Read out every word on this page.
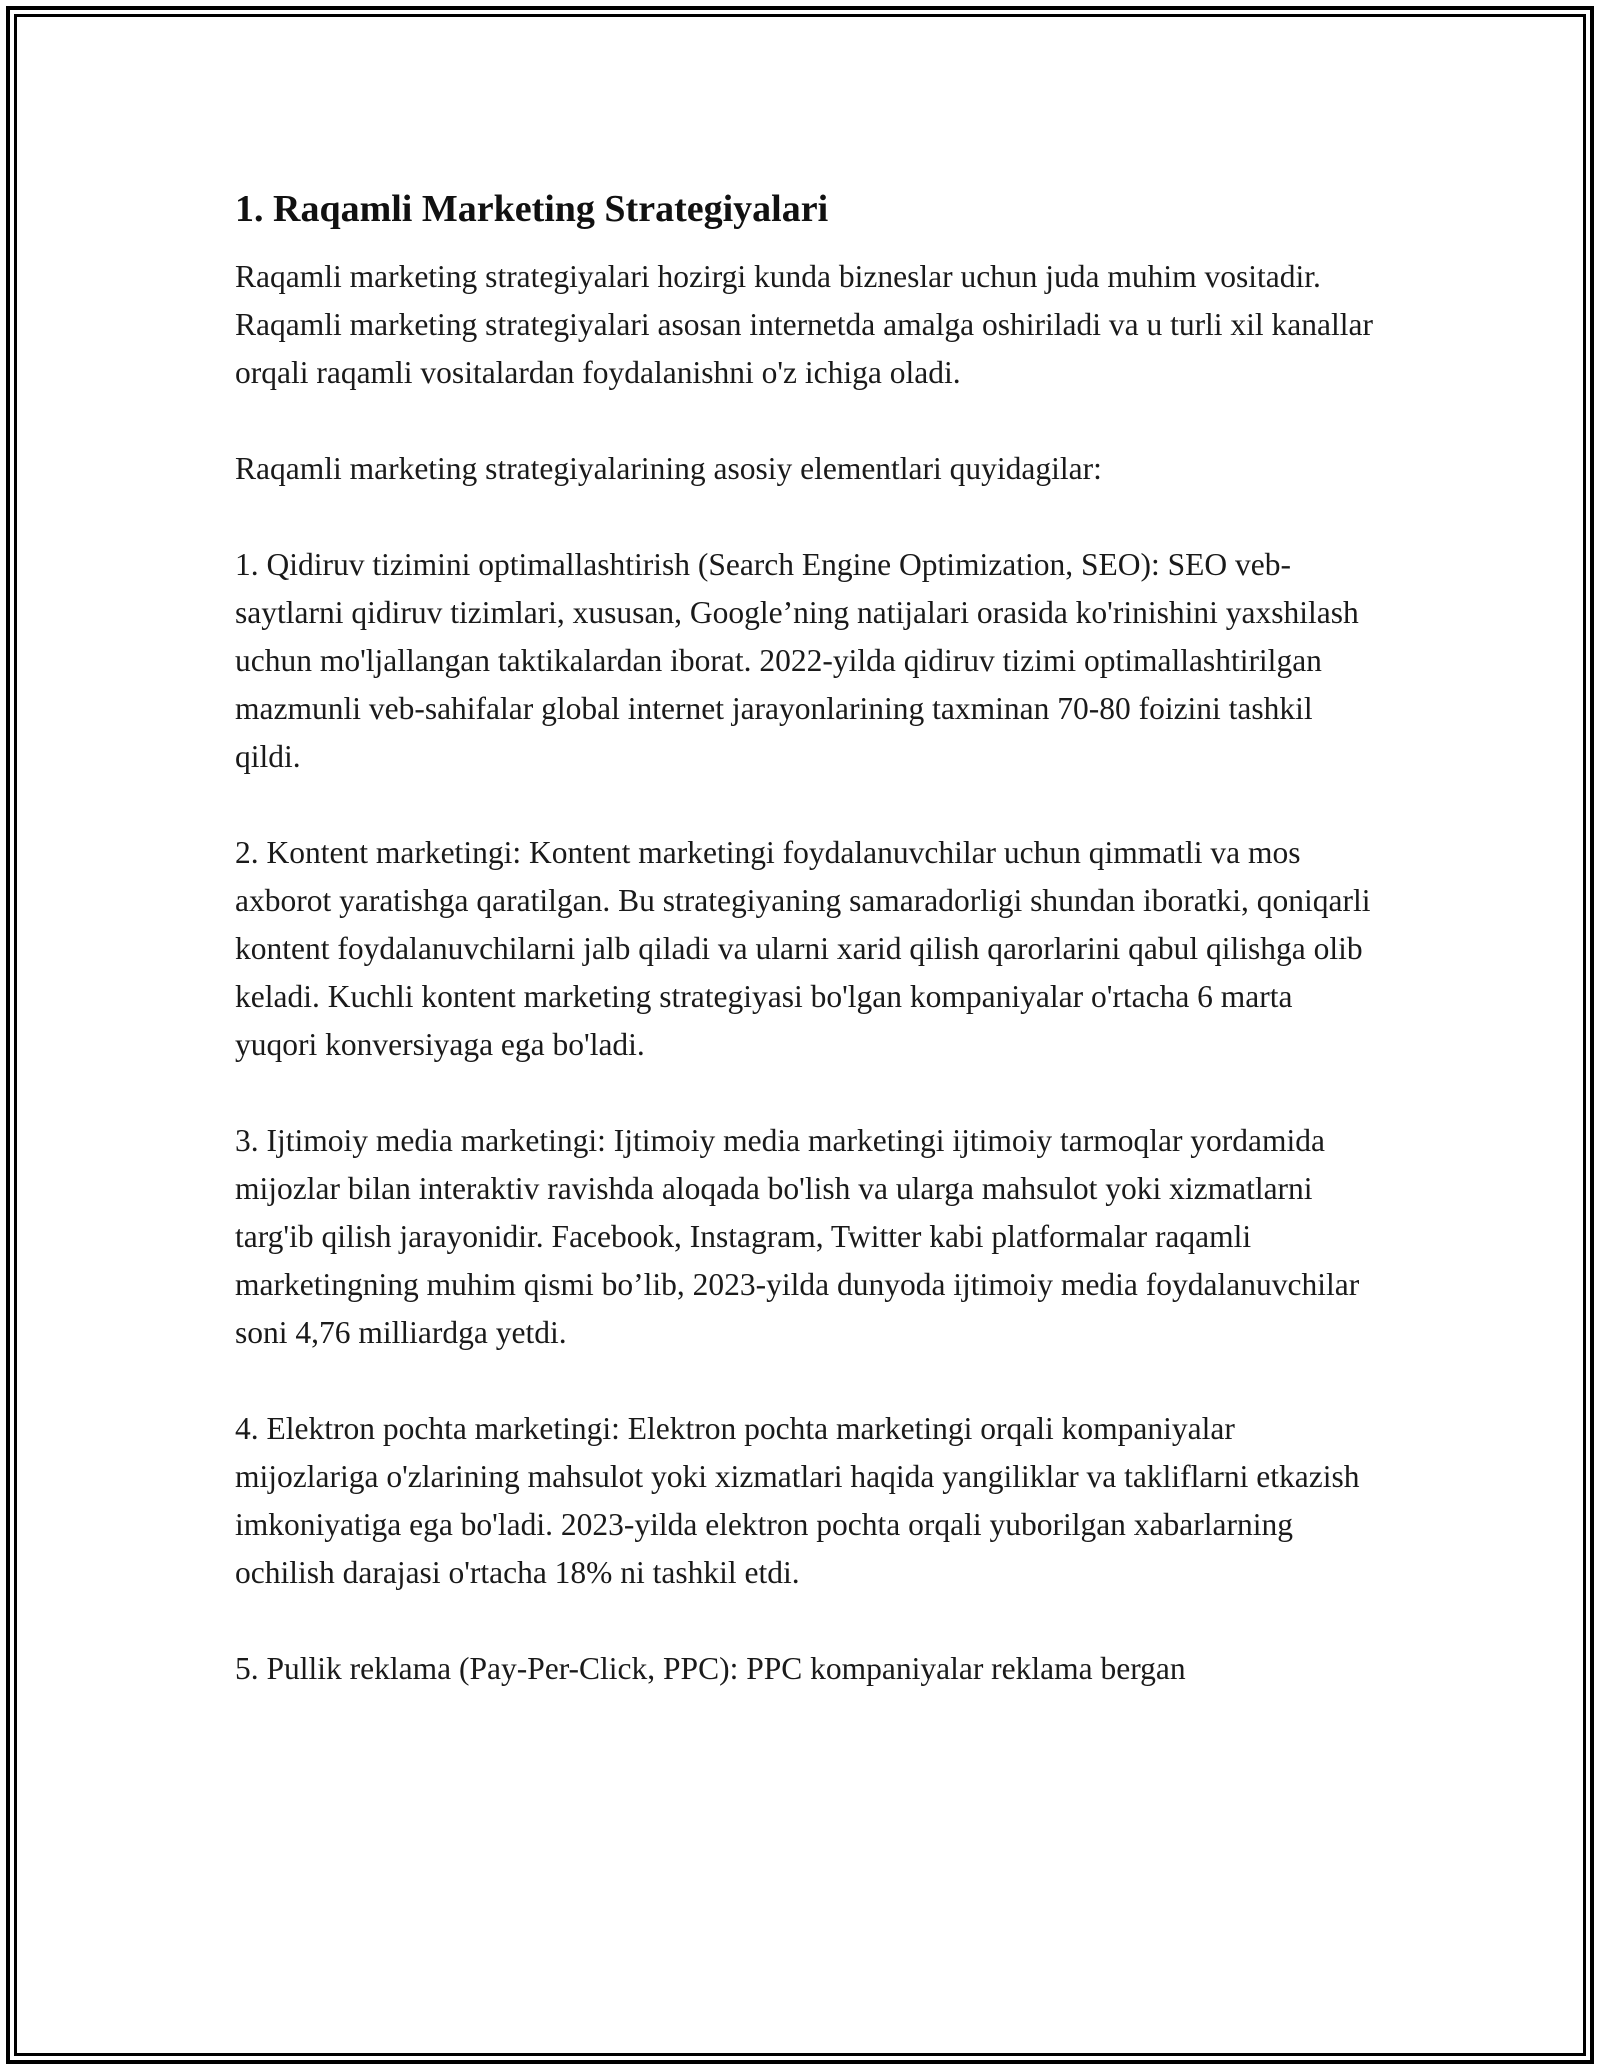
1. Raqamli Marketing Strategiyalari

Raqamli marketing strategiyalari hozirgi kunda bizneslar uchun juda muhim vositadir. Raqamli marketing strategiyalari asosan internetda amalga oshiriladi va u turli xil kanallar orqali raqamli vositalardan foydalanishni o'z ichiga oladi.

Raqamli marketing strategiyalarining asosiy elementlari quyidagilar:

1. Qidiruv tizimini optimallashtirish (Search Engine Optimization, SEO): SEO veb-saytlarni qidiruv tizimlari, xususan, Google’ning natijalari orasida ko'rinishini yaxshilash uchun mo'ljallangan taktikalardan iborat. 2022-yilda qidiruv tizimi optimallashtirilgan mazmunli veb-sahifalar global internet jarayonlarining taxminan 70-80 foizini tashkil qildi.

2. Kontent marketingi: Kontent marketingi foydalanuvchilar uchun qimmatli va mos axborot yaratishga qaratilgan. Bu strategiyaning samaradorligi shundan iboratki, qoniqarli kontent foydalanuvchilarni jalb qiladi va ularni xarid qilish qarorlarini qabul qilishga olib keladi. Kuchli kontent marketing strategiyasi bo'lgan kompaniyalar o'rtacha 6 marta yuqori konversiyaga ega bo'ladi.

3. Ijtimoiy media marketingi: Ijtimoiy media marketingi ijtimoiy tarmoqlar yordamida mijozlar bilan interaktiv ravishda aloqada bo'lish va ularga mahsulot yoki xizmatlarni targ'ib qilish jarayonidir. Facebook, Instagram, Twitter kabi platformalar raqamli marketingning muhim qismi bo’lib, 2023-yilda dunyoda ijtimoiy media foydalanuvchilar soni 4,76 milliardga yetdi.

4. Elektron pochta marketingi: Elektron pochta marketingi orqali kompaniyalar mijozlariga o'zlarining mahsulot yoki xizmatlari haqida yangiliklar va takliflarni etkazish imkoniyatiga ega bo'ladi. 2023-yilda elektron pochta orqali yuborilgan xabarlarning ochilish darajasi o'rtacha 18% ni tashkil etdi.

5. Pullik reklama (Pay-Per-Click, PPC): PPC kompaniyalar reklama bergan
